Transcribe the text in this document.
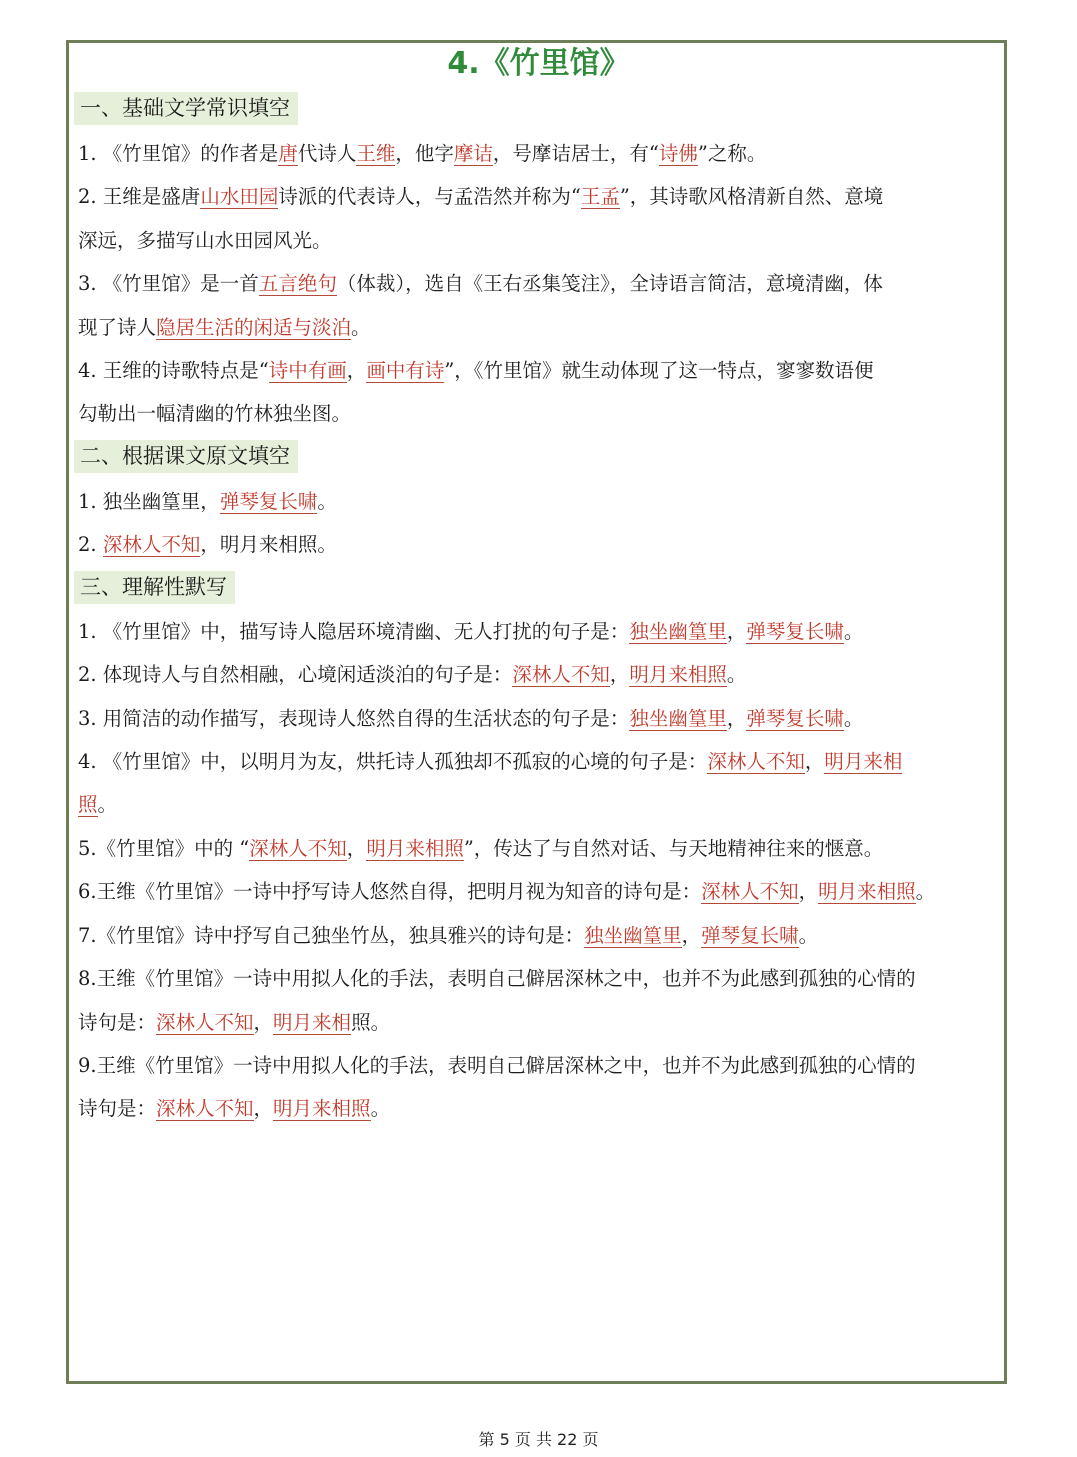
4.《竹里馆》
一、基础文学常识填空
1. 《竹里馆》的作者是唐代诗人王维，他字摩诘，号摩诘居士，有“诗佛”之称。
2. 王维是盛唐山水田园诗派的代表诗人，与孟浩然并称为“王孟”，其诗歌风格清新自然、意境
深远，多描写山水田园风光。
3. 《竹里馆》是一首五言绝句（体裁），选自《王右丞集笺注》，全诗语言简洁，意境清幽，体
现了诗人隐居生活的闲适与淡泊。
4. 王维的诗歌特点是“诗中有画，画中有诗”，《竹里馆》就生动体现了这一特点，寥寥数语便
勾勒出一幅清幽的竹林独坐图。
二、根据课文原文填空
1. 独坐幽篁里，弹琴复长啸。
2. 深林人不知，明月来相照。
三、理解性默写
1. 《竹里馆》中，描写诗人隐居环境清幽、无人打扰的句子是：独坐幽篁里，弹琴复长啸。
2. 体现诗人与自然相融，心境闲适淡泊的句子是：深林人不知，明月来相照。
3. 用简洁的动作描写，表现诗人悠然自得的生活状态的句子是：独坐幽篁里，弹琴复长啸。
4. 《竹里馆》中，以明月为友，烘托诗人孤独却不孤寂的心境的句子是：深林人不知，明月来相
照。
5.《竹里馆》中的 “深林人不知，明月来相照”，传达了与自然对话、与天地精神往来的惬意。
6.王维《竹里馆》一诗中抒写诗人悠然自得，把明月视为知音的诗句是：深林人不知，明月来相照。
7.《竹里馆》诗中抒写自己独坐竹丛，独具雅兴的诗句是：独坐幽篁里，弹琴复长啸。
8.王维《竹里馆》一诗中用拟人化的手法，表明自己僻居深林之中，也并不为此感到孤独的心情的
诗句是：深林人不知，明月来相照。
9.王维《竹里馆》一诗中用拟人化的手法，表明自己僻居深林之中，也并不为此感到孤独的心情的
诗句是：深林人不知，明月来相照。
第 5 页 共 22 页
